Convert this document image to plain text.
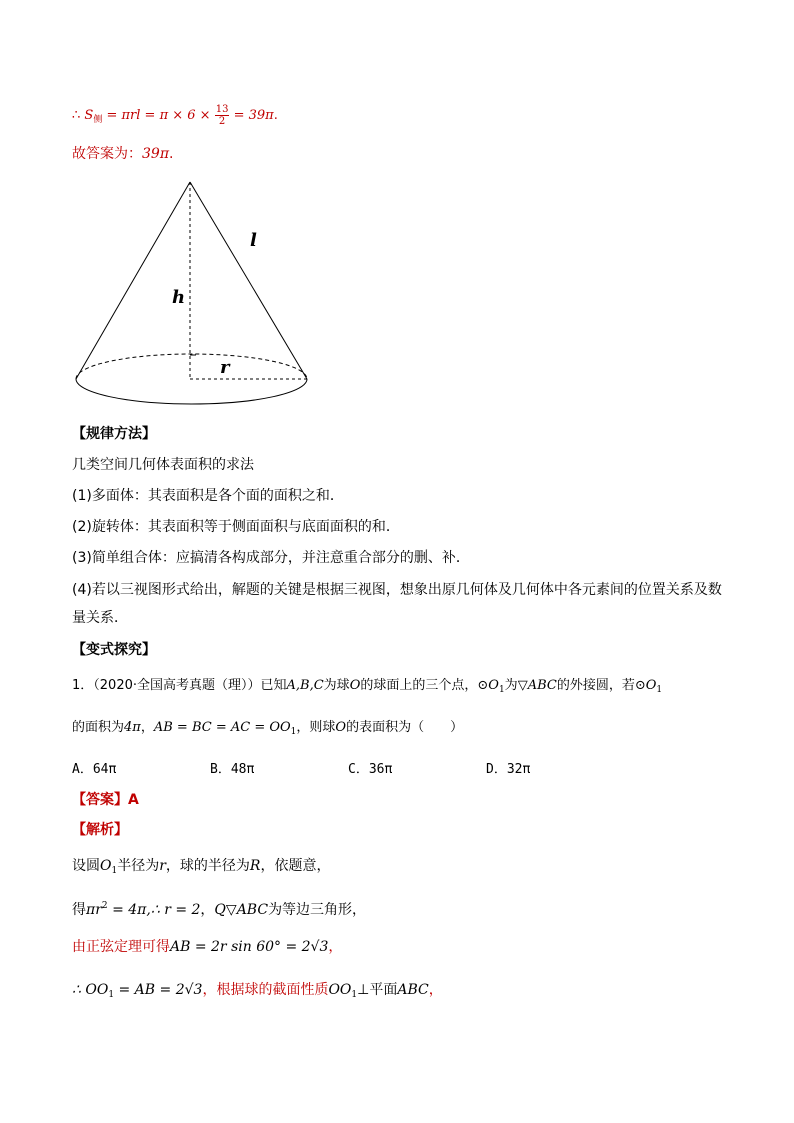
∴ $S_侧 = \pi rl = \pi \times 6 \times \frac{13}{2} = 39\pi$.
故答案为：39π.
h
l
r
【规律方法】
几类空间几何体表面积的求法
(1)多面体：其表面积是各个面的面积之和．
(2)旋转体：其表面积等于侧面面积与底面面积的和．
(3)简单组合体：应搞清各构成部分，并注意重合部分的删、补．
(4)若以三视图形式给出，解题的关键是根据三视图，想象出原几何体及几何体中各元素间的位置关系及数
量关系．
【变式探究】
1．（2020·全国高考真题（理））已知A,B,C为球O的球面上的三个点，$⊙O_1$为▽ABC的外接圆，若$⊙O_1$
的面积为4π，AB = BC = AC = $OO_1$，则球O的表面积为（　　）
A．64π	B．48π	C．36π	D．32π
【答案】A
【解析】
设圆$O_1$半径为r，球的半径为R，依题意，
得$\pi r^2$ = 4π,∴ r = 2，Q▽ABC为等边三角形，
由正弦定理可得AB = 2r sin 60° = 2√3，
∴ $OO_1$ = AB = 2√3，根据球的截面性质$OO_1\perp$平面ABC，
